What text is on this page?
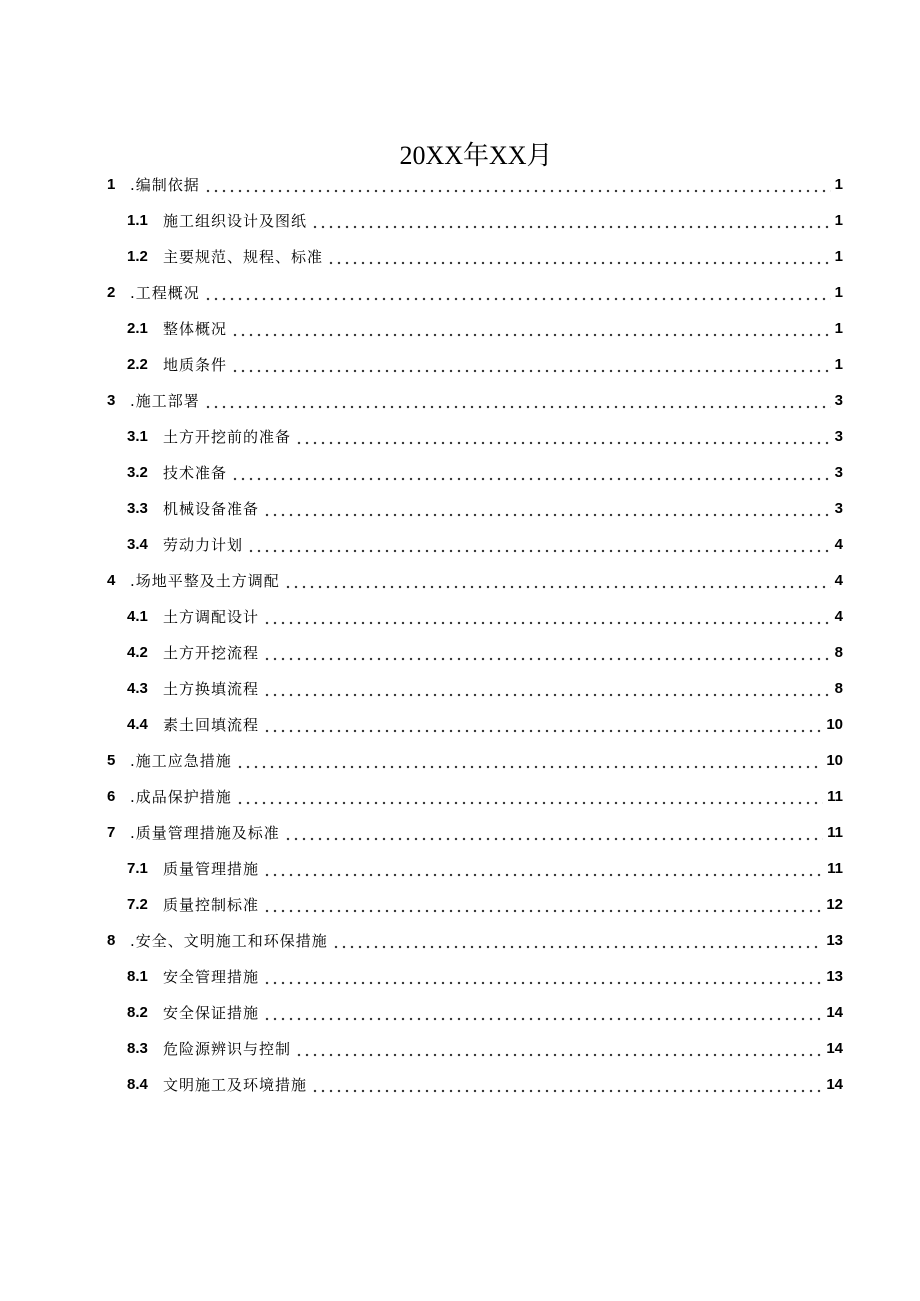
20XX年XX月
1 .编制依据	1
1.1 施工组织设计及图纸	1
1.2 主要规范、规程、标准	1
2 .工程概况	1
2.1 整体概况	1
2.2 地质条件	1
3 .施工部署	3
3.1 土方开挖前的准备	3
3.2 技术准备	3
3.3 机械设备准备	3
3.4 劳动力计划	4
4 .场地平整及土方调配	4
4.1 土方调配设计	4
4.2 土方开挖流程	8
4.3 土方换填流程	8
4.4 素土回填流程	10
5 .施工应急措施	10
6 .成品保护措施	11
7 .质量管理措施及标准	11
7.1 质量管理措施	11
7.2 质量控制标准	12
8 .安全、文明施工和环保措施	13
8.1 安全管理措施	13
8.2 安全保证措施	14
8.3 危险源辨识与控制	14
8.4 文明施工及环境措施	14
